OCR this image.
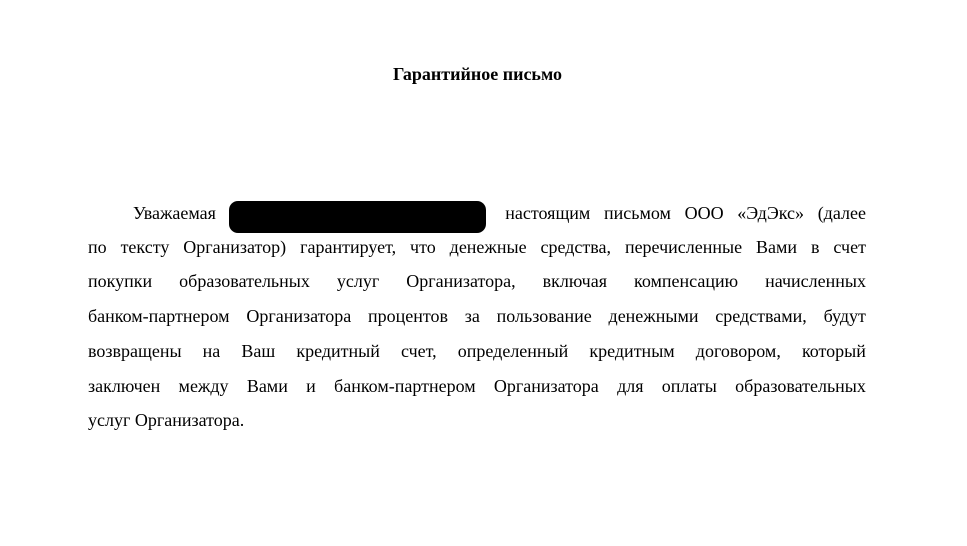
Гарантийное письмо
Уважаемая	настоящим письмом ООО «ЭдЭкс» (далее
по тексту Организатор) гарантирует, что денежные средства, перечисленные Вами в счет
покупки образовательных услуг Организатора, включая компенсацию начисленных
банком-партнером Организатора процентов за пользование денежными средствами, будут
возвращены на Ваш кредитный счет, определенный кредитным договором, который
заключен между Вами и банком-партнером Организатора для оплаты образовательных
услуг Организатора.
